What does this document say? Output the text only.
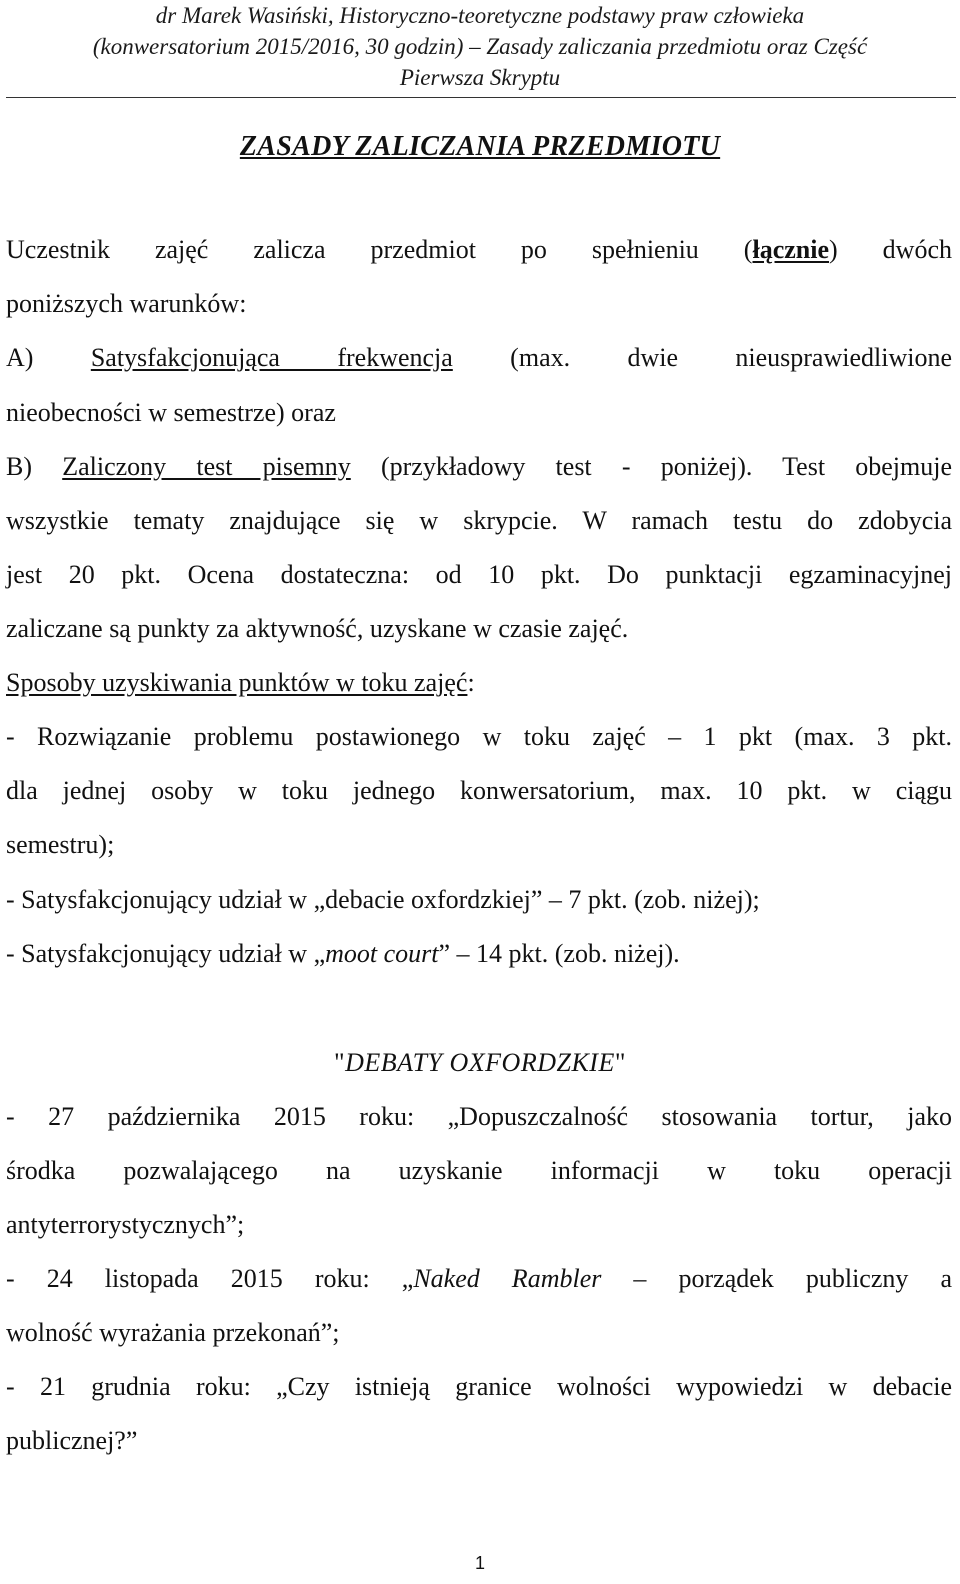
dr Marek Wasiński, Historyczno-teoretyczne podstawy praw człowieka
(konwersatorium 2015/2016, 30 godzin) – Zasady zaliczania przedmiotu oraz Część
Pierwsza Skryptu
ZASADY ZALICZANIA PRZEDMIOTU
Uczestnik zajęć zalicza przedmiot po spełnieniu (łącznie) dwóch
poniższych warunków:
A) Satysfakcjonująca frekwencja (max. dwie nieusprawiedliwione
nieobecności w semestrze) oraz
B) Zaliczony test pisemny (przykładowy test - poniżej). Test obejmuje
wszystkie tematy znajdujące się w skrypcie. W ramach testu do zdobycia
jest 20 pkt. Ocena dostateczna: od 10 pkt. Do punktacji egzaminacyjnej
zaliczane są punkty za aktywność, uzyskane w czasie zajęć.
Sposoby uzyskiwania punktów w toku zajęć:
- Rozwiązanie problemu postawionego w toku zajęć – 1 pkt (max. 3 pkt.
dla jednej osoby w toku jednego konwersatorium, max. 10 pkt. w ciągu
semestru);
- Satysfakcjonujący udział w „debacie oxfordzkiej” – 7 pkt. (zob. niżej);
- Satysfakcjonujący udział w „moot court” – 14 pkt. (zob. niżej).
"DEBATY OXFORDZKIE"
- 27 października 2015 roku: „Dopuszczalność stosowania tortur, jako
środka pozwalającego na uzyskanie informacji w toku operacji
antyterrorystycznych”;
- 24 listopada 2015 roku: „Naked Rambler – porządek publiczny a
wolność wyrażania przekonań”;
- 21 grudnia roku: „Czy istnieją granice wolności wypowiedzi w debacie
publicznej?”
1
